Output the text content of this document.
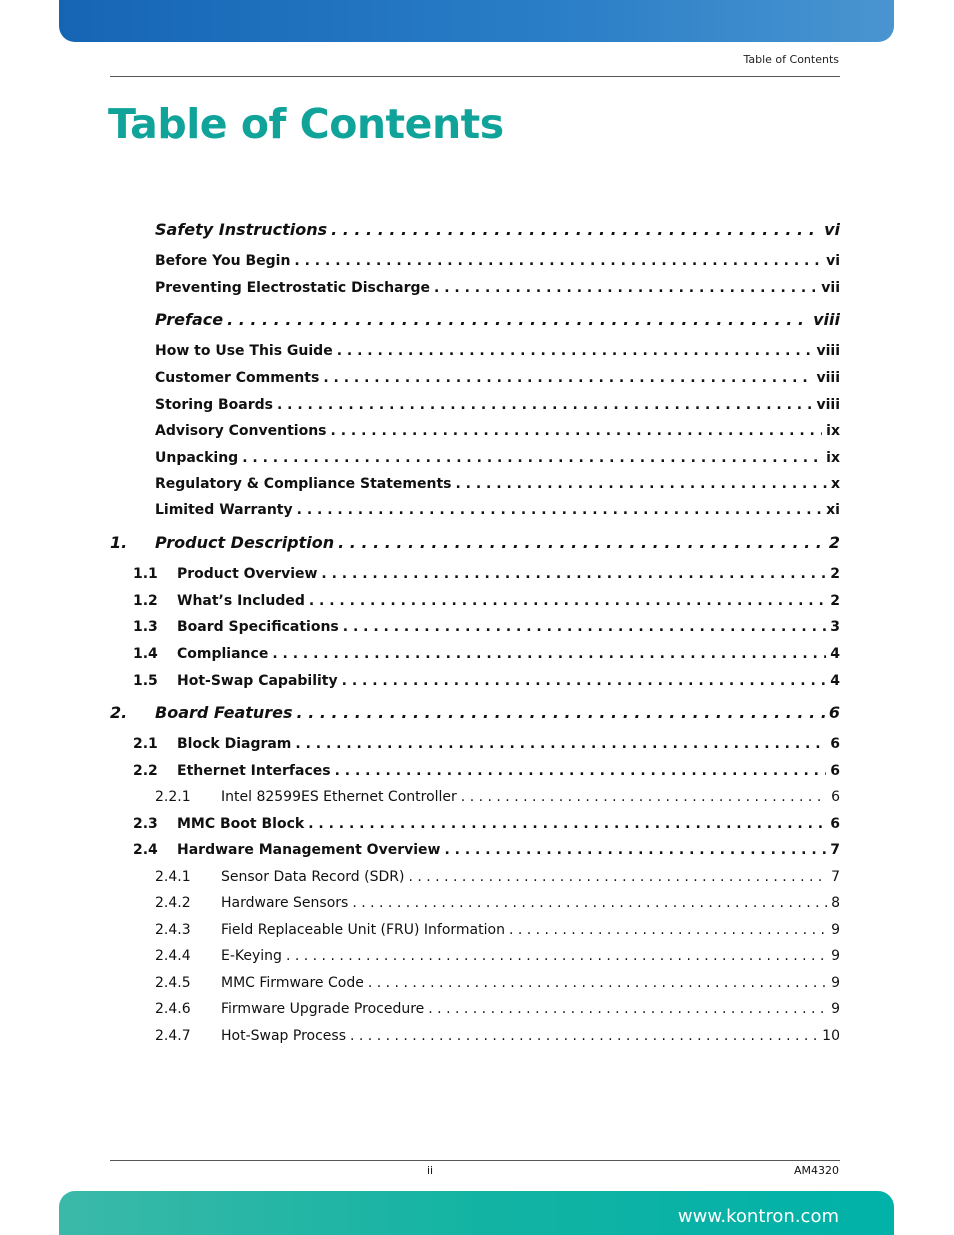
Table of Contents
Table of Contents
Safety Instructions . . .	vi
Before You Begin . . .	vi
Preventing Electrostatic Discharge . . .	vii
Preface . . .	viii
How to Use This Guide . . .	viii
Customer Comments . . .	viii
Storing Boards . . .	viii
Advisory Conventions . . .	ix
Unpacking . . .	ix
Regulatory & Compliance Statements . . .	x
Limited Warranty . . .	xi
1.	Product Description . . .	2
1.1	Product Overview . . .	2
1.2	What’s Included . . .	2
1.3	Board Specifications . . .	3
1.4	Compliance . . .	4
1.5	Hot-Swap Capability . . .	4
2.	Board Features . . .	6
2.1	Block Diagram . . .	6
2.2	Ethernet Interfaces . . .	6
2.2.1	Intel 82599ES Ethernet Controller . . .	6
2.3	MMC Boot Block . . .	6
2.4	Hardware Management Overview . . .	7
2.4.1	Sensor Data Record (SDR) . . .	7
2.4.2	Hardware Sensors . . .	8
2.4.3	Field Replaceable Unit (FRU) Information . . .	9
2.4.4	E-Keying . . .	9
2.4.5	MMC Firmware Code . . .	9
2.4.6	Firmware Upgrade Procedure . . .	9
2.4.7	Hot-Swap Process . . .	10
ii	AM4320
www.kontron.com
